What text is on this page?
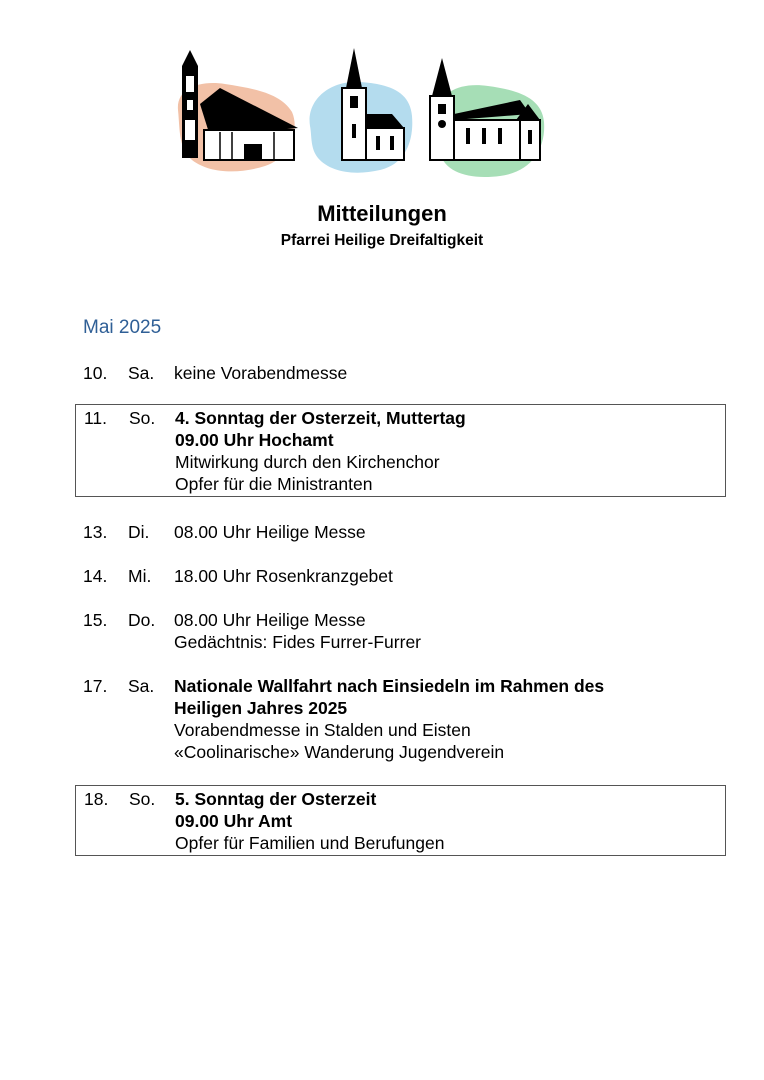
Mitteilungen
Pfarrei Heilige Dreifaltigkeit
Mai 2025
10.	Sa.	keine Vorabendmesse
11.	So.	4. Sonntag der Osterzeit, Muttertag
09.00 Uhr Hochamt
Mitwirkung durch den Kirchenchor
Opfer für die Ministranten
13.	Di.	08.00 Uhr Heilige Messe
14.	Mi.	18.00 Uhr Rosenkranzgebet
15.	Do.	08.00 Uhr Heilige Messe
Gedächtnis: Fides Furrer-Furrer
17.	Sa.	Nationale Wallfahrt nach Einsiedeln im Rahmen des
Heiligen Jahres 2025
Vorabendmesse in Stalden und Eisten
«Coolinarische» Wanderung Jugendverein
18.	So.	5. Sonntag der Osterzeit
09.00 Uhr Amt
Opfer für Familien und Berufungen
